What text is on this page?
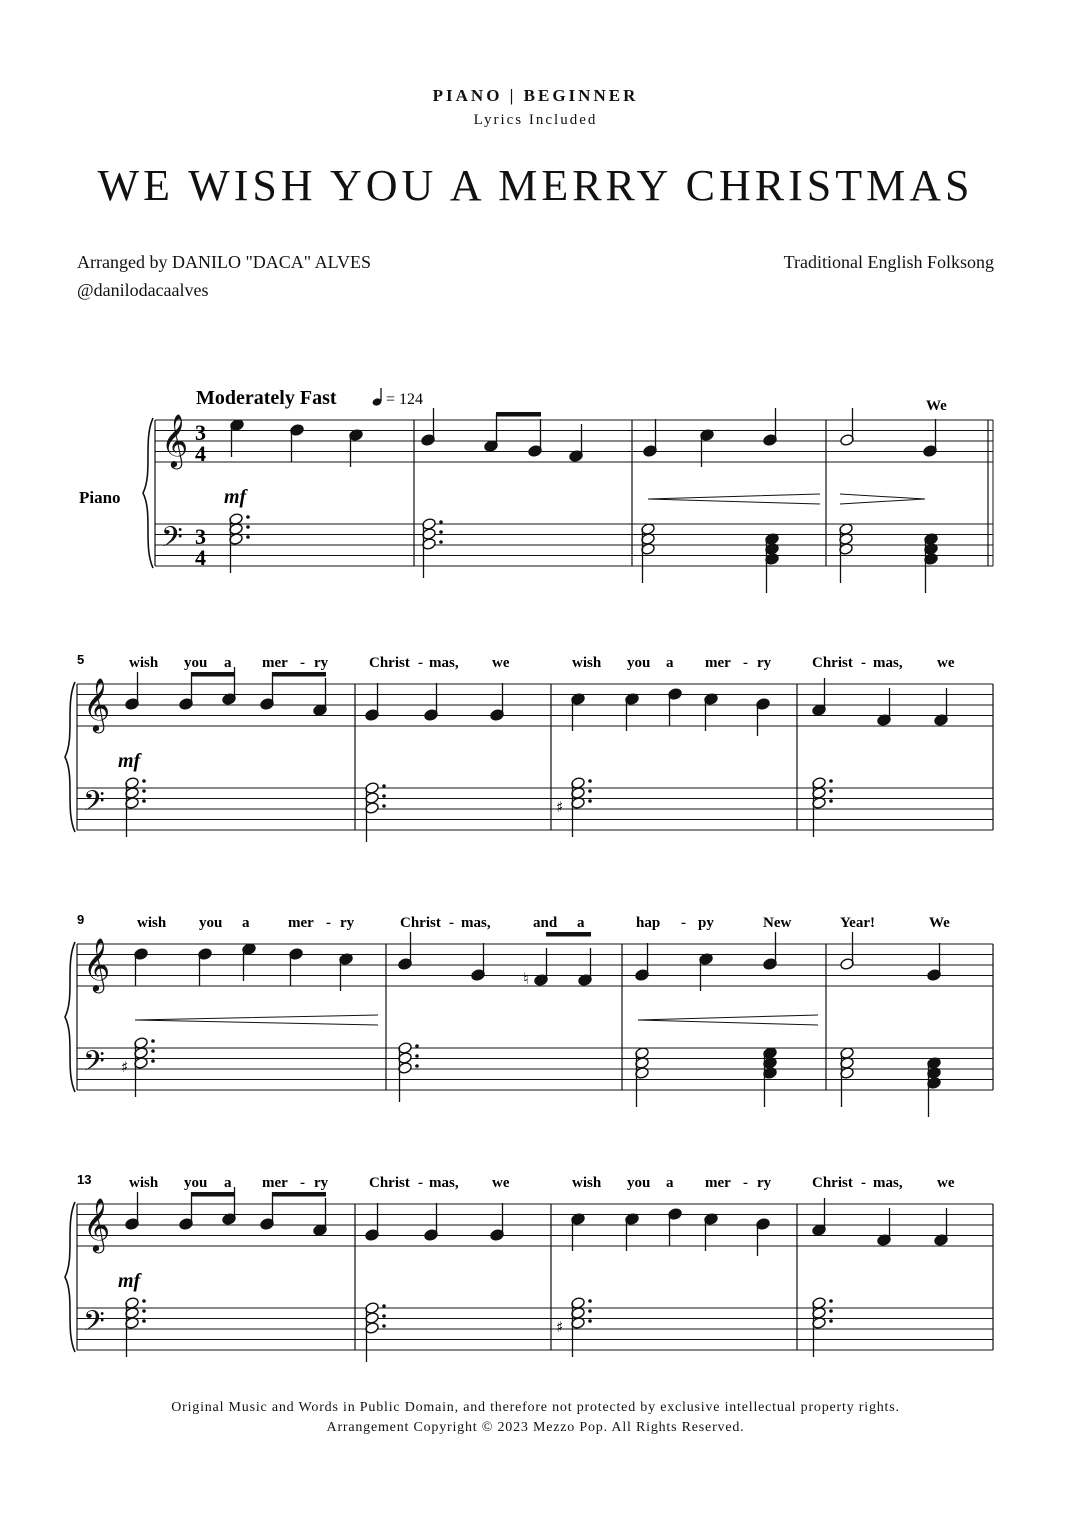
PIANO | BEGINNER
Lyrics Included
WE WISH YOU A MERRY CHRISTMAS
Arranged by DANILO "DACA" ALVES
@danilodacaalves
Traditional English Folksong
𝄞
𝄢
3
4
3
4
𝄞
𝄢
𝄞
𝄢
𝄞
𝄢
♮
♯
♯
♯
Moderately Fast	= 124
Piano	mf
mf
mf
5
9
13
We
wish you a mer - ry	Christ - mas, we	wish you a mer - ry	Christ - mas, we
wish you a	mer - ry	Christ - mas,	and a	hap - py	New	Year!	We
wish you a mer - ry	Christ - mas, we	wish you a mer - ry	Christ - mas, we
Original Music and Words in Public Domain, and therefore not protected by exclusive intellectual property rights.
Arrangement Copyright © 2023 Mezzo Pop. All Rights Reserved.
